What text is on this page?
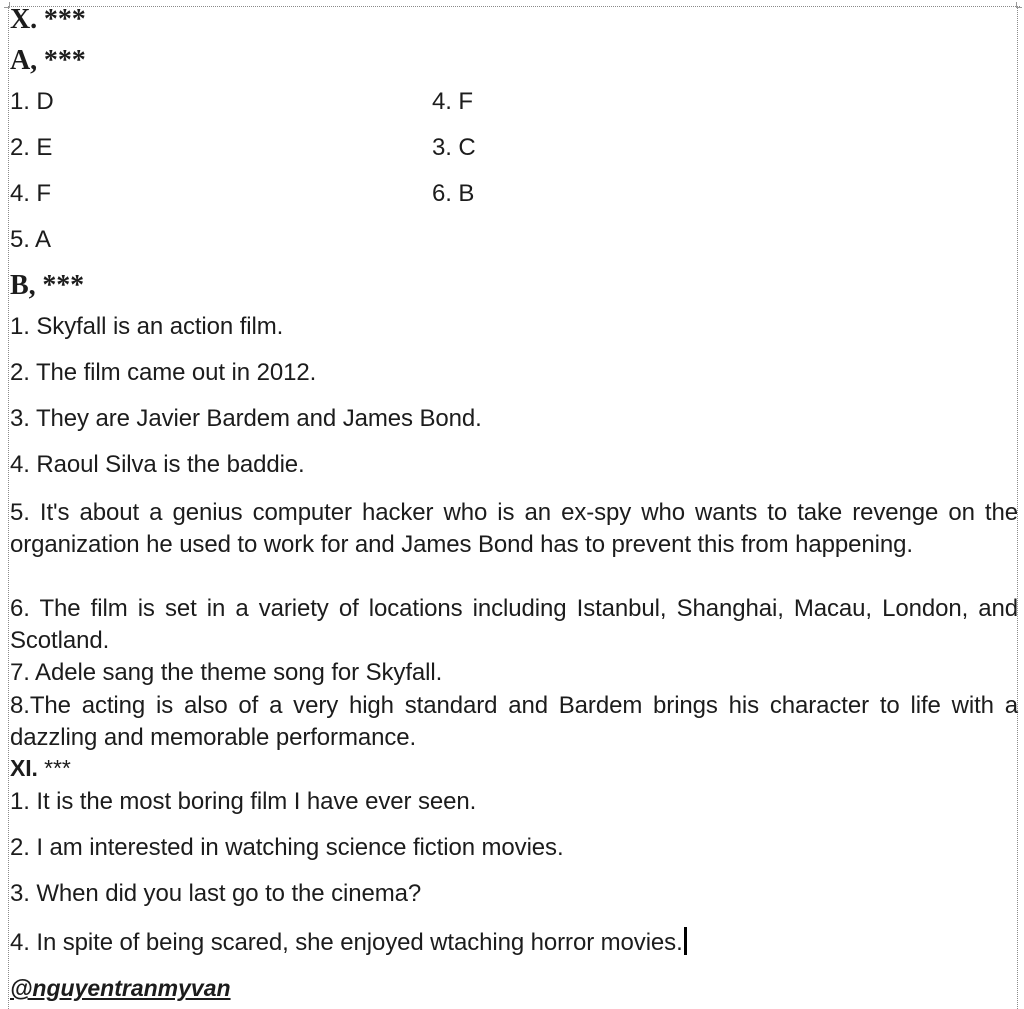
X. ***
A, ***
1. D	4. F
2. E	3. C
4. F	6. B
5. A
B, ***
1. Skyfall is an action film.
2. The film came out in 2012.
3. They are Javier Bardem and James Bond.
4. Raoul Silva is the baddie.
5. It's about a genius computer hacker who is an ex-spy who wants to take revenge on the organization he used to work for and James Bond has to prevent this from happening.
6. The film is set in a variety of locations including Istanbul, Shanghai, Macau, London, and Scotland.
7. Adele sang the theme song for Skyfall.
8.The acting is also of a very high standard and Bardem brings his character to life with a dazzling and memorable performance.
XI. ***
1. It is the most boring film I have ever seen.
2. I am interested in watching science fiction movies.
3. When did you last go to the cinema?
4. In spite of being scared, she enjoyed wtaching horror movies.
@nguyentranmyvan
